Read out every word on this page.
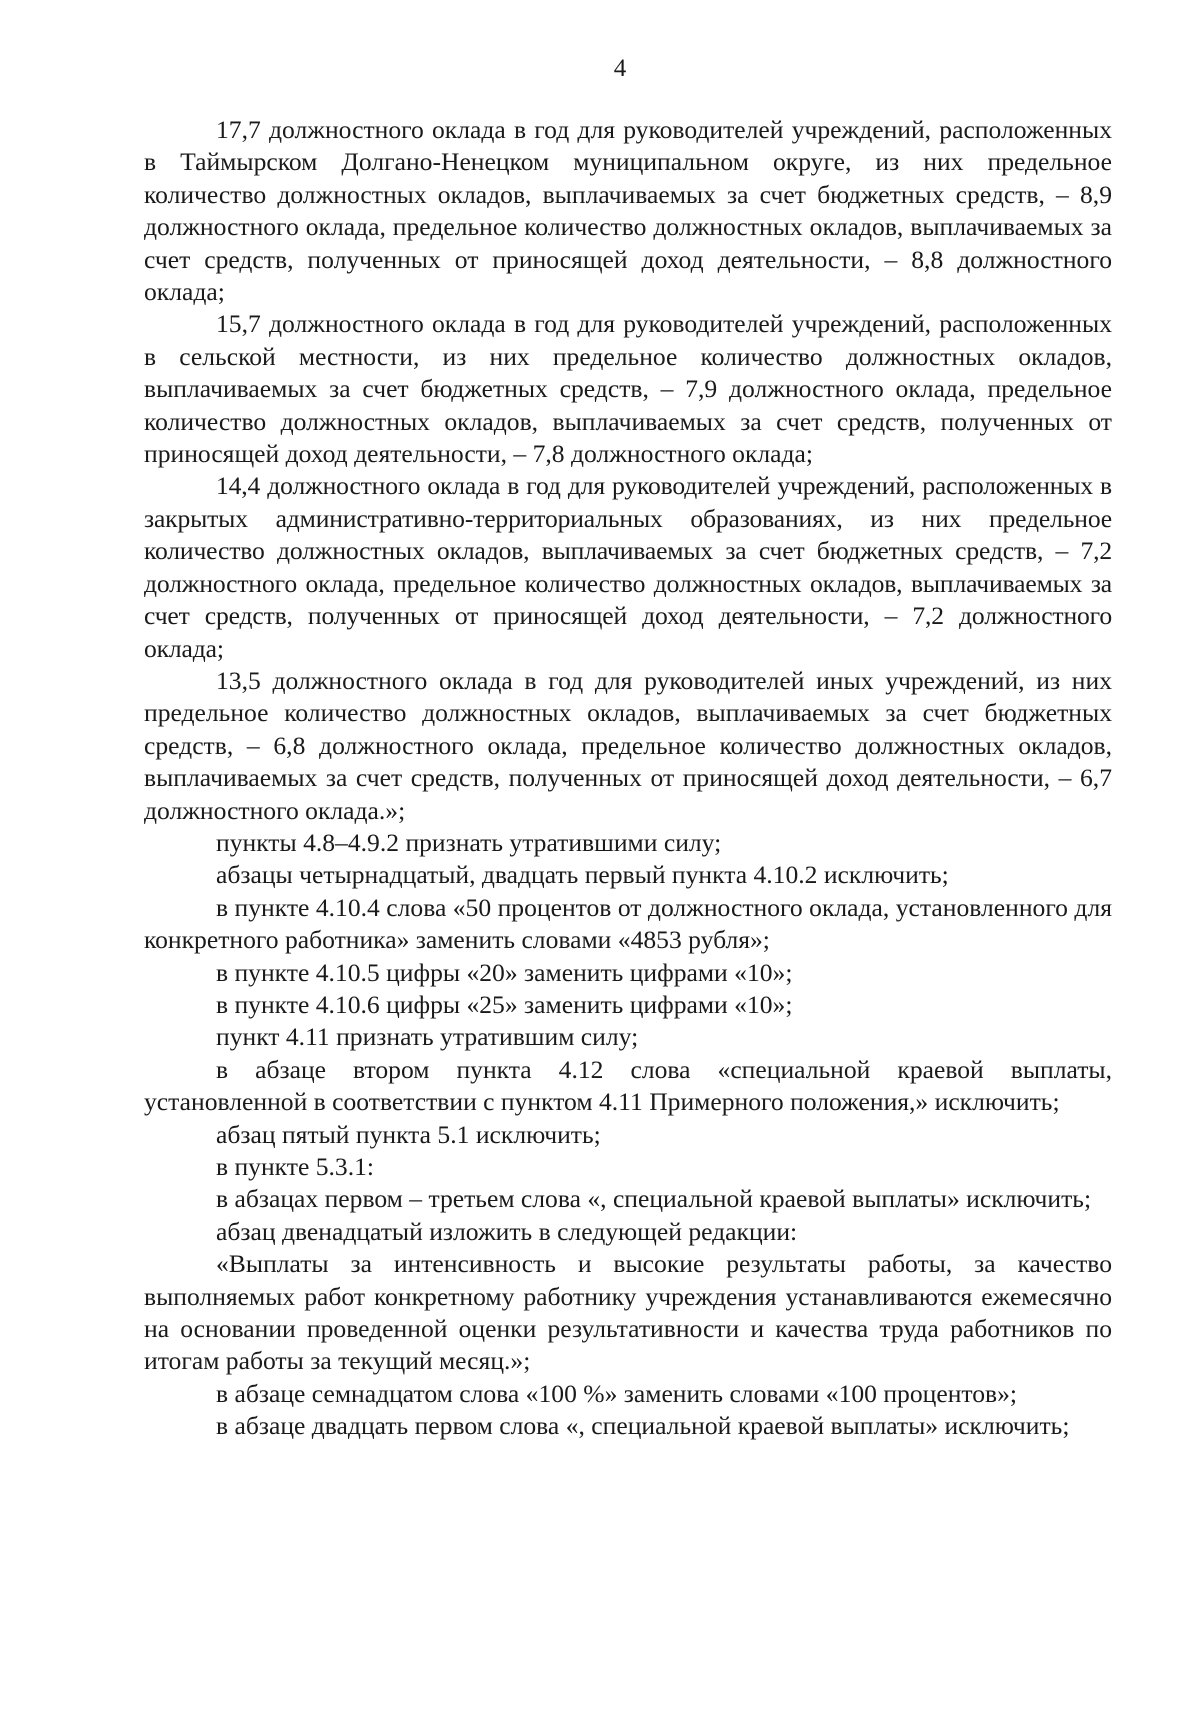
4

17,7 должностного оклада в год для руководителей учреждений, расположенных в Таймырском Долгано-Ненецком муниципальном округе, из них предельное количество должностных окладов, выплачиваемых за счет бюджетных средств, – 8,9 должностного оклада, предельное количество должностных окладов, выплачиваемых за счет средств, полученных от приносящей доход деятельности, – 8,8 должностного оклада;

15,7 должностного оклада в год для руководителей учреждений, расположенных в сельской местности, из них предельное количество должностных окладов, выплачиваемых за счет бюджетных средств, – 7,9 должностного оклада, предельное количество должностных окладов, выплачиваемых за счет средств, полученных от приносящей доход деятельности, – 7,8 должностного оклада;

14,4 должностного оклада в год для руководителей учреждений, расположенных в закрытых административно-территориальных образованиях, из них предельное количество должностных окладов, выплачиваемых за счет бюджетных средств, – 7,2 должностного оклада, предельное количество должностных окладов, выплачиваемых за счет средств, полученных от приносящей доход деятельности, – 7,2 должностного оклада;

13,5 должностного оклада в год для руководителей иных учреждений, из них предельное количество должностных окладов, выплачиваемых за счет бюджетных средств, – 6,8 должностного оклада, предельное количество должностных окладов, выплачиваемых за счет средств, полученных от приносящей доход деятельности, – 6,7 должностного оклада.»;

пункты 4.8–4.9.2 признать утратившими силу;

абзацы четырнадцатый, двадцать первый пункта 4.10.2 исключить;

в пункте 4.10.4 слова «50 процентов от должностного оклада, установленного для конкретного работника» заменить словами «4853 рубля»;

в пункте 4.10.5 цифры «20» заменить цифрами «10»;

в пункте 4.10.6 цифры «25» заменить цифрами «10»;

пункт 4.11 признать утратившим силу;

в абзаце втором пункта 4.12 слова «специальной краевой выплаты, установленной в соответствии с пунктом 4.11 Примерного положения,» исключить;

абзац пятый пункта 5.1 исключить;

в пункте 5.3.1:

в абзацах первом – третьем слова «, специальной краевой выплаты» исключить;

абзац двенадцатый изложить в следующей редакции:

«Выплаты за интенсивность и высокие результаты работы, за качество выполняемых работ конкретному работнику учреждения устанавливаются ежемесячно на основании проведенной оценки результативности и качества труда работников по итогам работы за текущий месяц.»;

в абзаце семнадцатом слова «100 %» заменить словами «100 процентов»;

в абзаце двадцать первом слова «, специальной краевой выплаты» исключить;
